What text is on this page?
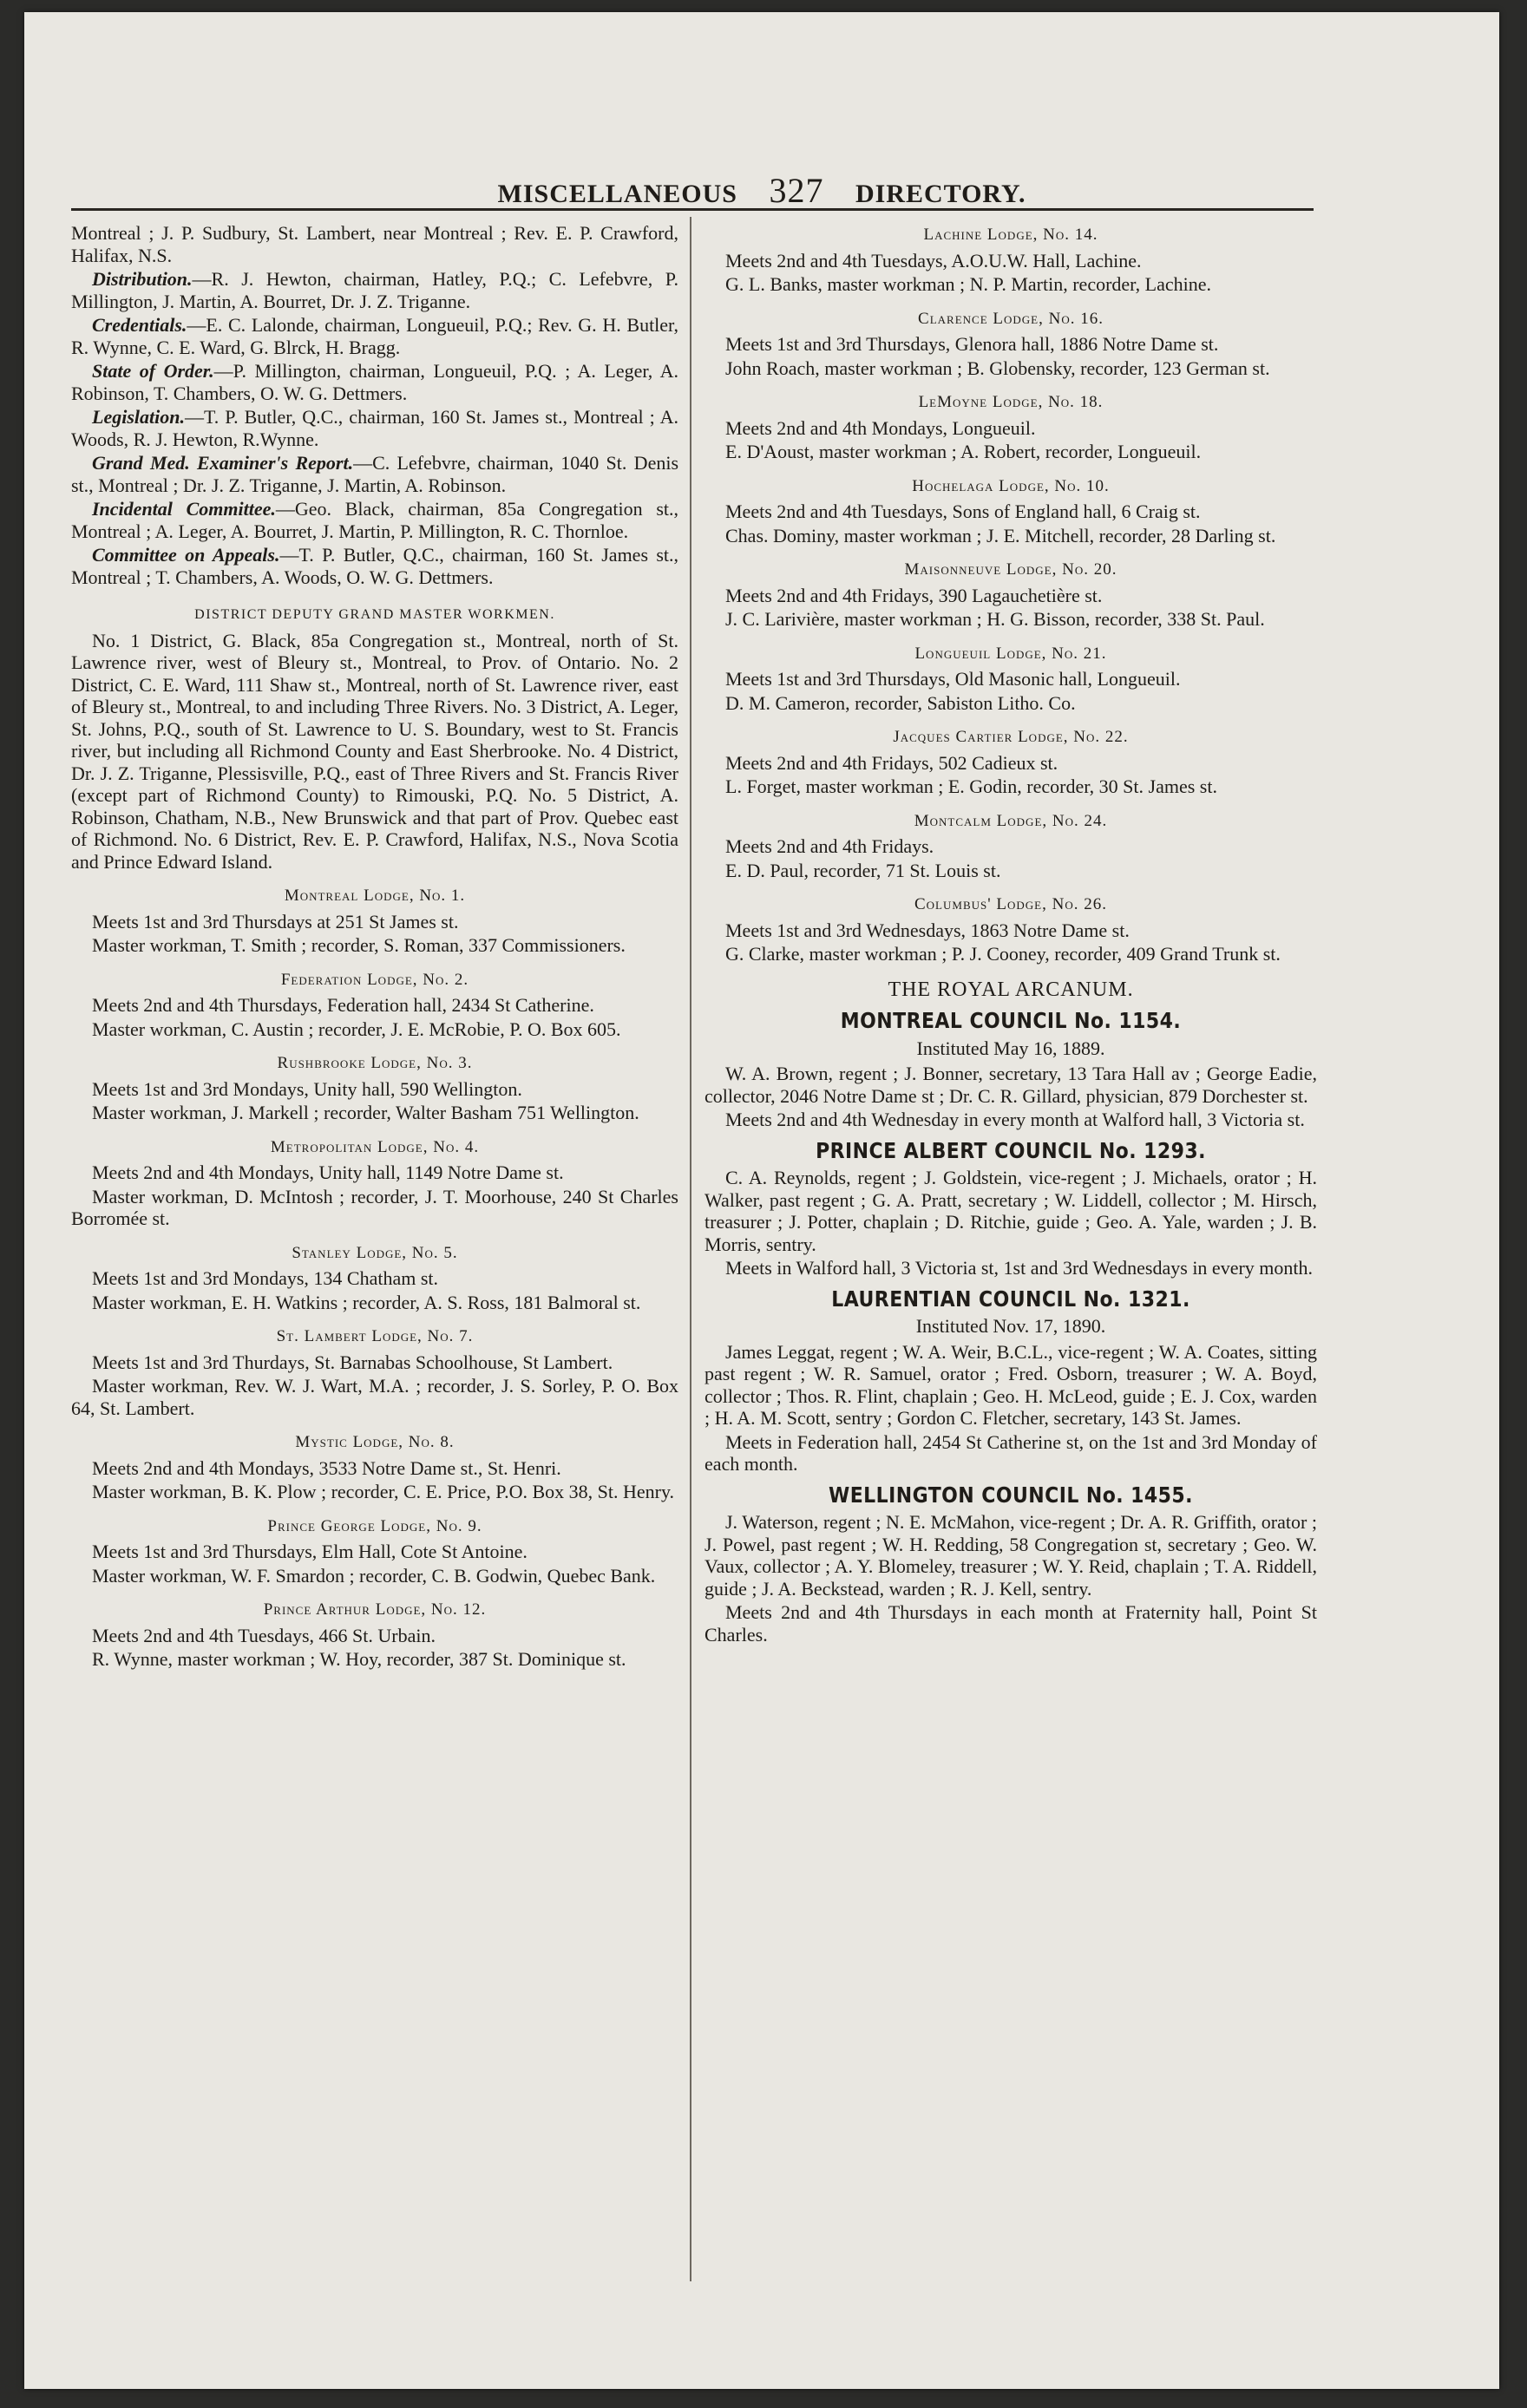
MISCELLANEOUS 327 DIRECTORY.

Montreal ; J. P. Sudbury, St. Lambert, near Montreal ; Rev. E. P. Crawford, Halifax, N.S.

Distribution.—R. J. Hewton, chairman, Hatley, P.Q.; C. Lefebvre, P. Millington, J. Martin, A. Bourret, Dr. J. Z. Triganne.

Credentials.—E. C. Lalonde, chairman, Longueuil, P.Q.; Rev. G. H. Butler, R. Wynne, C. E. Ward, G. Blrck, H. Bragg.

State of Order.—P. Millington, chairman, Longueuil, P.Q. ; A. Leger, A. Robinson, T. Chambers, O. W. G. Dettmers.

Legislation.—T. P. Butler, Q.C., chairman, 160 St. James st., Montreal ; A. Woods, R. J. Hewton, R.Wynne.

Grand Med. Examiner's Report.—C. Lefebvre, chairman, 1040 St. Denis st., Montreal ; Dr. J. Z. Triganne, J. Martin, A. Robinson.

Incidental Committee.—Geo. Black, chairman, 85a Congregation st., Montreal ; A. Leger, A. Bourret, J. Martin, P. Millington, R. C. Thornloe.

Committee on Appeals.—T. P. Butler, Q.C., chairman, 160 St. James st., Montreal ; T. Chambers, A. Woods, O. W. G. Dettmers.

DISTRICT DEPUTY GRAND MASTER WORKMEN.

No. 1 District, G. Black, 85a Congregation st., Montreal, north of St. Lawrence river, west of Bleury st., Montreal, to Prov. of Ontario. No. 2 District, C. E. Ward, 111 Shaw st., Montreal, north of St. Lawrence river, east of Bleury st., Montreal, to and including Three Rivers. No. 3 District, A. Leger, St. Johns, P.Q., south of St. Lawrence to U. S. Boundary, west to St. Francis river, but including all Richmond County and East Sherbrooke. No. 4 District, Dr. J. Z. Triganne, Plessisville, P.Q., east of Three Rivers and St. Francis River (except part of Richmond County) to Rimouski, P.Q. No. 5 District, A. Robinson, Chatham, N.B., New Brunswick and that part of Prov. Quebec east of Richmond. No. 6 District, Rev. E. P. Crawford, Halifax, N.S., Nova Scotia and Prince Edward Island.

Montreal Lodge, No. 1.

Meets 1st and 3rd Thursdays at 251 St James st.

Master workman, T. Smith ; recorder, S. Roman, 337 Commissioners.

Federation Lodge, No. 2.

Meets 2nd and 4th Thursdays, Federation hall, 2434 St Catherine.

Master workman, C. Austin ; recorder, J. E. McRobie, P. O. Box 605.

Rushbrooke Lodge, No. 3.

Meets 1st and 3rd Mondays, Unity hall, 590 Wellington.

Master workman, J. Markell ; recorder, Walter Basham 751 Wellington.

Metropolitan Lodge, No. 4.

Meets 2nd and 4th Mondays, Unity hall, 1149 Notre Dame st.

Master workman, D. McIntosh ; recorder, J. T. Moorhouse, 240 St Charles Borromée st.

Stanley Lodge, No. 5.

Meets 1st and 3rd Mondays, 134 Chatham st.

Master workman, E. H. Watkins ; recorder, A. S. Ross, 181 Balmoral st.

St. Lambert Lodge, No. 7.

Meets 1st and 3rd Thurdays, St. Barnabas Schoolhouse, St Lambert.

Master workman, Rev. W. J. Wart, M.A. ; recorder, J. S. Sorley, P. O. Box 64, St. Lambert.

Mystic Lodge, No. 8.

Meets 2nd and 4th Mondays, 3533 Notre Dame st., St. Henri.

Master workman, B. K. Plow ; recorder, C. E. Price, P.O. Box 38, St. Henry.

Prince George Lodge, No. 9.

Meets 1st and 3rd Thursdays, Elm Hall, Cote St Antoine.

Master workman, W. F. Smardon ; recorder, C. B. Godwin, Quebec Bank.

Prince Arthur Lodge, No. 12.

Meets 2nd and 4th Tuesdays, 466 St. Urbain.

R. Wynne, master workman ; W. Hoy, recorder, 387 St. Dominique st.

Lachine Lodge, No. 14.

Meets 2nd and 4th Tuesdays, A.O.U.W. Hall, Lachine.

G. L. Banks, master workman ; N. P. Martin, recorder, Lachine.

Clarence Lodge, No. 16.

Meets 1st and 3rd Thursdays, Glenora hall, 1886 Notre Dame st.

John Roach, master workman ; B. Globensky, recorder, 123 German st.

LeMoyne Lodge, No. 18.

Meets 2nd and 4th Mondays, Longueuil.

E. D'Aoust, master workman ; A. Robert, recorder, Longueuil.

Hochelaga Lodge, No. 10.

Meets 2nd and 4th Tuesdays, Sons of England hall, 6 Craig st.

Chas. Dominy, master workman ; J. E. Mitchell, recorder, 28 Darling st.

Maisonneuve Lodge, No. 20.

Meets 2nd and 4th Fridays, 390 Lagauchetière st.

J. C. Larivière, master workman ; H. G. Bisson, recorder, 338 St. Paul.

Longueuil Lodge, No. 21.

Meets 1st and 3rd Thursdays, Old Masonic hall, Longueuil.

D. M. Cameron, recorder, Sabiston Litho. Co.

Jacques Cartier Lodge, No. 22.

Meets 2nd and 4th Fridays, 502 Cadieux st.

L. Forget, master workman ; E. Godin, recorder, 30 St. James st.

Montcalm Lodge, No. 24.

Meets 2nd and 4th Fridays.

E. D. Paul, recorder, 71 St. Louis st.

Columbus' Lodge, No. 26.

Meets 1st and 3rd Wednesdays, 1863 Notre Dame st.

G. Clarke, master workman ; P. J. Cooney, recorder, 409 Grand Trunk st.

THE ROYAL ARCANUM.
MONTREAL COUNCIL No. 1154.
Instituted May 16, 1889.

W. A. Brown, regent ; J. Bonner, secretary, 13 Tara Hall av ; George Eadie, collector, 2046 Notre Dame st ; Dr. C. R. Gillard, physician, 879 Dorchester st.

Meets 2nd and 4th Wednesday in every month at Walford hall, 3 Victoria st.

PRINCE ALBERT COUNCIL No. 1293.

C. A. Reynolds, regent ; J. Goldstein, vice-regent ; J. Michaels, orator ; H. Walker, past regent ; G. A. Pratt, secretary ; W. Liddell, collector ; M. Hirsch, treasurer ; J. Potter, chaplain ; D. Ritchie, guide ; Geo. A. Yale, warden ; J. B. Morris, sentry.

Meets in Walford hall, 3 Victoria st, 1st and 3rd Wednesdays in every month.

LAURENTIAN COUNCIL No. 1321.
Instituted Nov. 17, 1890.

James Leggat, regent ; W. A. Weir, B.C.L., vice-regent ; W. A. Coates, sitting past regent ; W. R. Samuel, orator ; Fred. Osborn, treasurer ; W. A. Boyd, collector ; Thos. R. Flint, chaplain ; Geo. H. McLeod, guide ; E. J. Cox, warden ; H. A. M. Scott, sentry ; Gordon C. Fletcher, secretary, 143 St. James.

Meets in Federation hall, 2454 St Catherine st, on the 1st and 3rd Monday of each month.

WELLINGTON COUNCIL No. 1455.

J. Waterson, regent ; N. E. McMahon, vice-regent ; Dr. A. R. Griffith, orator ; J. Powel, past regent ; W. H. Redding, 58 Congregation st, secretary ; Geo. W. Vaux, collector ; A. Y. Blomeley, treasurer ; W. Y. Reid, chaplain ; T. A. Riddell, guide ; J. A. Beckstead, warden ; R. J. Kell, sentry.

Meets 2nd and 4th Thursdays in each month at Fraternity hall, Point St Charles.
